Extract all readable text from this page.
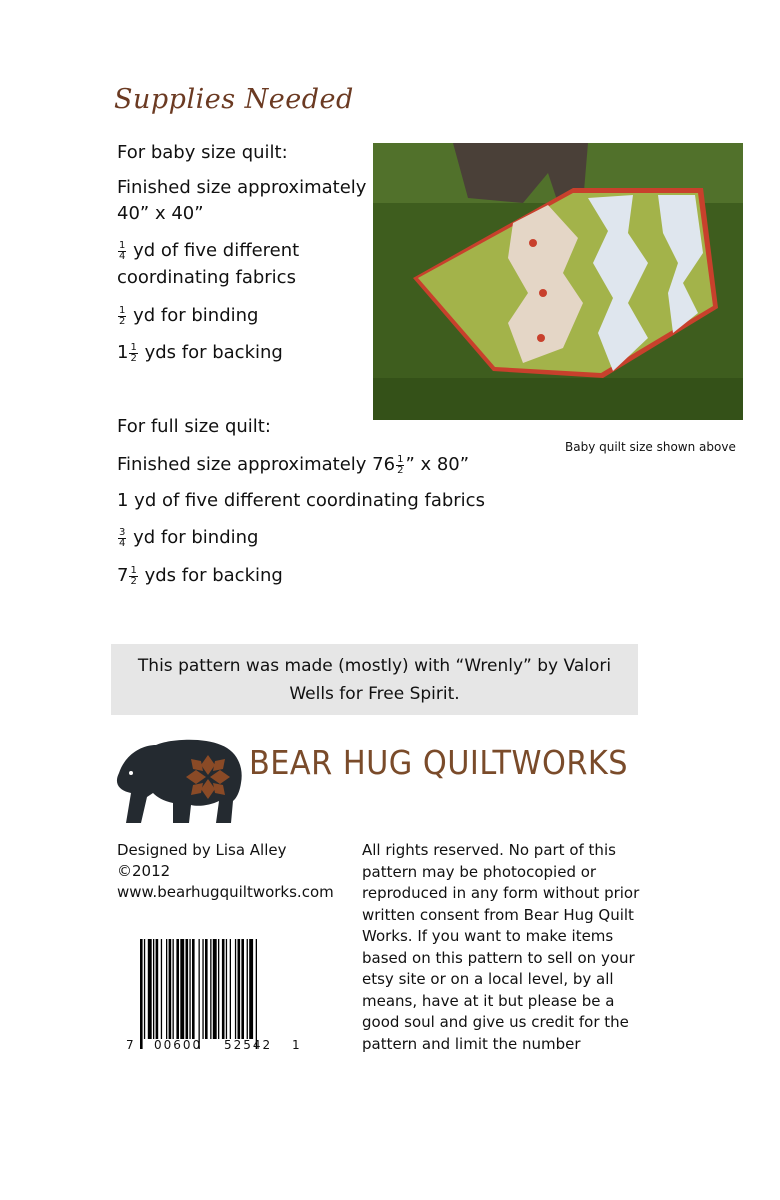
Supplies Needed
For baby size quilt:
Finished size approximately
40” x 40”
$\frac{1}{4}$ yd of five different
coordinating fabrics
$\frac{1}{2}$ yd for binding
$1 \frac{1}{2}$ yds for backing
For full size quilt:
Finished size approximately $76 \frac{1}{2}$ ” x 80”
1 yd of five different coordinating fabrics
$\frac{3}{4}$ yd for binding
$7 \frac{1}{2}$ yds for backing
Baby quilt size shown above
This pattern was made (mostly) with “Wrenly” by Valori
Wells for Free Spirit.
BEAR HUG QUILTWORKS
Designed by Lisa Alley
©2012
www.bearhugquiltworks.com
All rights reserved. No part of this pattern may be photocopied or reproduced in any form without prior written consent from Bear Hug Quilt Works. If you want to make items based on this pattern to sell on your etsy site or on a local level, by all means, have at it but please be a good soul and give us credit for the pattern and limit the number
7 00600 52542 1
